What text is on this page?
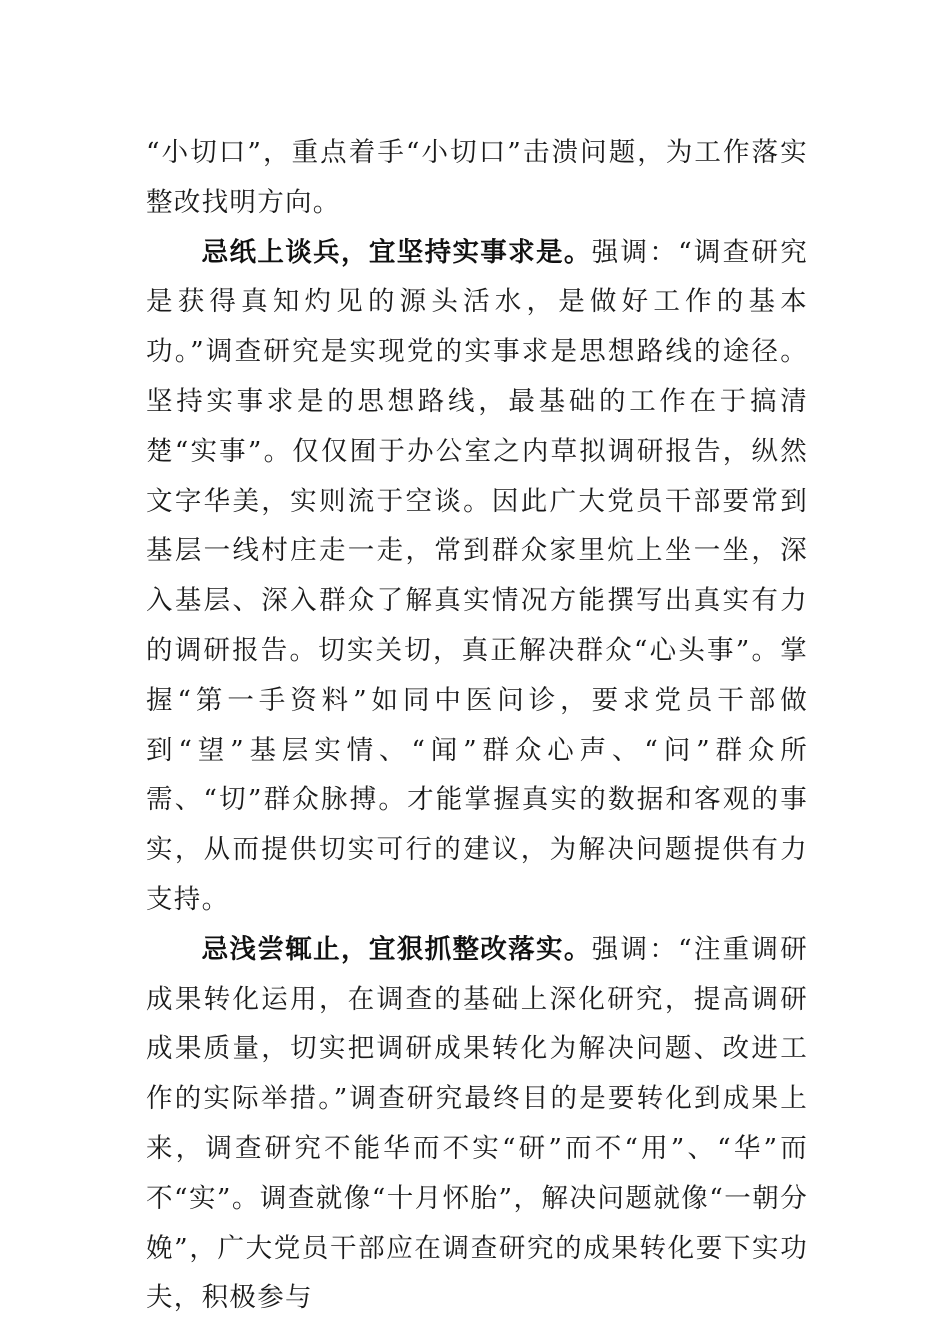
“小切口”，重点着手“小切口”击溃问题，为工作落实整改找明方向。

忌纸上谈兵，宜坚持实事求是。强调：“调查研究是获得真知灼见的源头活水，是做好工作的基本功。”调查研究是实现党的实事求是思想路线的途径。坚持实事求是的思想路线，最基础的工作在于搞清楚“实事”。仅仅囿于办公室之内草拟调研报告，纵然文字华美，实则流于空谈。因此广大党员干部要常到基层一线村庄走一走，常到群众家里炕上坐一坐，深入基层、深入群众了解真实情况方能撰写出真实有力的调研报告。切实关切，真正解决群众“心头事”。掌握“第一手资料”如同中医问诊，要求党员干部做到“望”基层实情、“闻”群众心声、“问”群众所需、“切”群众脉搏。才能掌握真实的数据和客观的事实，从而提供切实可行的建议，为解决问题提供有力支持。

忌浅尝辄止，宜狠抓整改落实。强调：“注重调研成果转化运用，在调查的基础上深化研究，提高调研成果质量，切实把调研成果转化为解决问题、改进工作的实际举措。”调查研究最终目的是要转化到成果上来，调查研究不能华而不实“研”而不“用”、“华”而不“实”。调查就像“十月怀胎”，解决问题就像“一朝分娩”，广大党员干部应在调查研究的成果转化要下实功夫，积极参与
